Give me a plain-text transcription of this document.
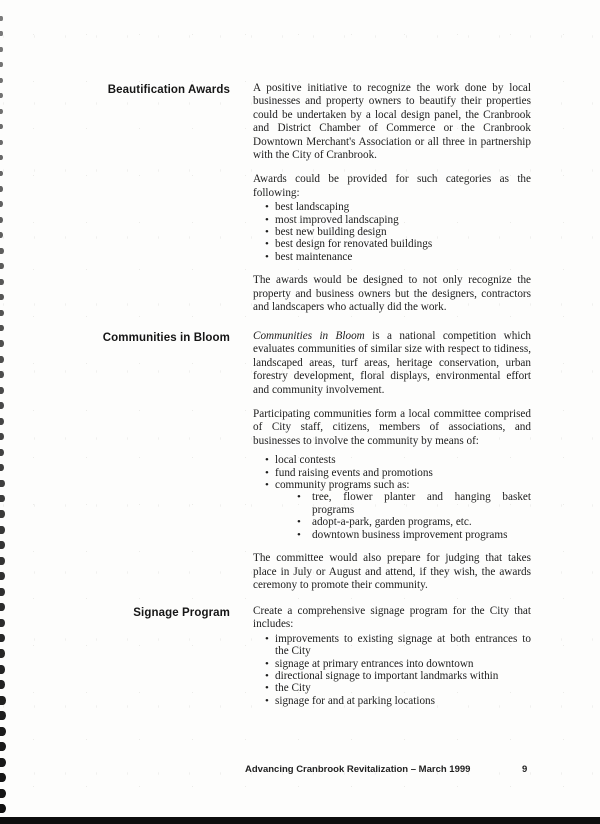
Beautification Awards A positive initiative to recognize the work done by local businesses and property owners to beautify their properties could be undertaken by a local design panel, the Cranbrook and District Chamber of Commerce or the Cranbrook Downtown Merchant's Association or all three in partnership with the City of Cranbrook.

Awards could be provided for such categories as the following:

• best landscaping
• most improved landscaping
• best new building design
• best design for renovated buildings
• best maintenance

The awards would be designed to not only recognize the property and business owners but the designers, contractors and landscapers who actually did the work.

Communities in Bloom Communities in Bloom is a national competition which evaluates communities of similar size with respect to tidiness, landscaped areas, turf areas, heritage conservation, urban forestry development, floral displays, environmental effort and community involvement.

Participating communities form a local committee comprised of City staff, citizens, members of associations, and businesses to involve the community by means of:

• local contests
• fund raising events and promotions
• community programs such as:
• tree, flower planter and hanging basket programs
• adopt-a-park, garden programs, etc.
• downtown business improvement programs

The committee would also prepare for judging that takes place in July or August and attend, if they wish, the awards ceremony to promote their community.

Signage Program Create a comprehensive signage program for the City that includes:

• improvements to existing signage at both entrances to the City
• signage at primary entrances into downtown
• directional signage to important landmarks within
• the City
• signage for and at parking locations
Advancing Cranbrook Revitalization – March 1999	9
